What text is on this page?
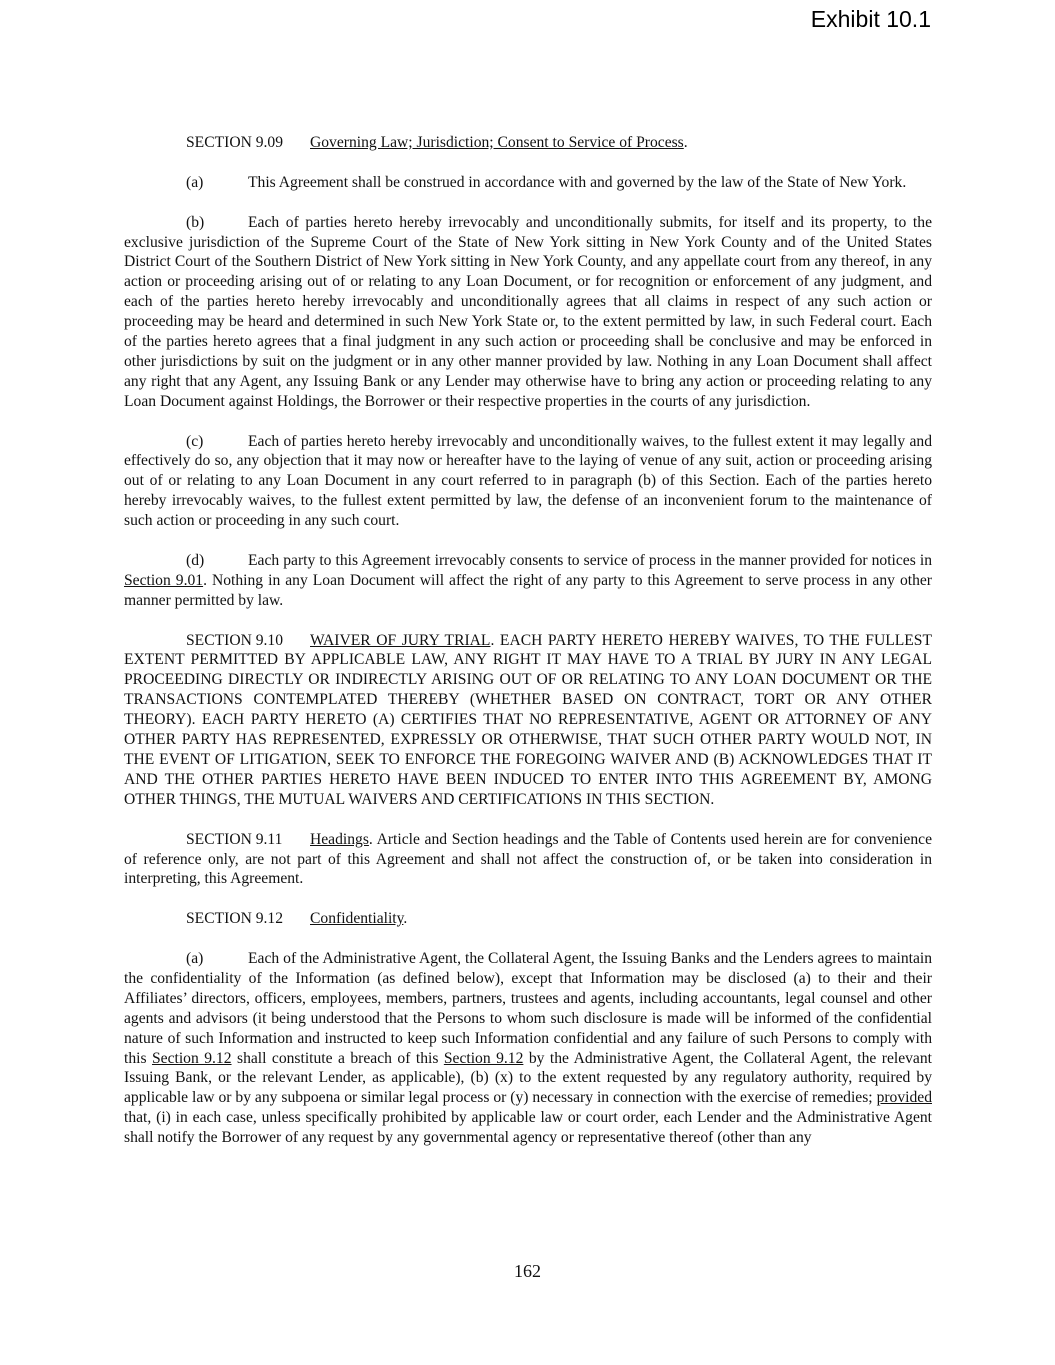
Exhibit 10.1

SECTION 9.09 Governing Law; Jurisdiction; Consent to Service of Process.

(a)	This Agreement shall be construed in accordance with and governed by the law of the State of New York.

(b)	Each of parties hereto hereby irrevocably and unconditionally submits, for itself and its property, to the exclusive jurisdiction of the Supreme Court of the State of New York sitting in New York County and of the United States District Court of the Southern District of New York sitting in New York County, and any appellate court from any thereof, in any action or proceeding arising out of or relating to any Loan Document, or for recognition or enforcement of any judgment, and each of the parties hereto hereby irrevocably and unconditionally agrees that all claims in respect of any such action or proceeding may be heard and determined in such New York State or, to the extent permitted by law, in such Federal court. Each of the parties hereto agrees that a final judgment in any such action or proceeding shall be conclusive and may be enforced in other jurisdictions by suit on the judgment or in any other manner provided by law. Nothing in any Loan Document shall affect any right that any Agent, any Issuing Bank or any Lender may otherwise have to bring any action or proceeding relating to any Loan Document against Holdings, the Borrower or their respective properties in the courts of any jurisdiction.

(c)	Each of parties hereto hereby irrevocably and unconditionally waives, to the fullest extent it may legally and effectively do so, any objection that it may now or hereafter have to the laying of venue of any suit, action or proceeding arising out of or relating to any Loan Document in any court referred to in paragraph (b) of this Section. Each of the parties hereto hereby irrevocably waives, to the fullest extent permitted by law, the defense of an inconvenient forum to the maintenance of such action or proceeding in any such court.

(d)	Each party to this Agreement irrevocably consents to service of process in the manner provided for notices in Section 9.01. Nothing in any Loan Document will affect the right of any party to this Agreement to serve process in any other manner permitted by law.

SECTION 9.10 WAIVER OF JURY TRIAL. EACH PARTY HERETO HEREBY WAIVES, TO THE FULLEST EXTENT PERMITTED BY APPLICABLE LAW, ANY RIGHT IT MAY HAVE TO A TRIAL BY JURY IN ANY LEGAL PROCEEDING DIRECTLY OR INDIRECTLY ARISING OUT OF OR RELATING TO ANY LOAN DOCUMENT OR THE TRANSACTIONS CONTEMPLATED THEREBY (WHETHER BASED ON CONTRACT, TORT OR ANY OTHER THEORY). EACH PARTY HERETO (A) CERTIFIES THAT NO REPRESENTATIVE, AGENT OR ATTORNEY OF ANY OTHER PARTY HAS REPRESENTED, EXPRESSLY OR OTHERWISE, THAT SUCH OTHER PARTY WOULD NOT, IN THE EVENT OF LITIGATION, SEEK TO ENFORCE THE FOREGOING WAIVER AND (B) ACKNOWLEDGES THAT IT AND THE OTHER PARTIES HERETO HAVE BEEN INDUCED TO ENTER INTO THIS AGREEMENT BY, AMONG OTHER THINGS, THE MUTUAL WAIVERS AND CERTIFICATIONS IN THIS SECTION.

SECTION 9.11 Headings. Article and Section headings and the Table of Contents used herein are for convenience of reference only, are not part of this Agreement and shall not affect the construction of, or be taken into consideration in interpreting, this Agreement.

SECTION 9.12 Confidentiality.

(a)	Each of the Administrative Agent, the Collateral Agent, the Issuing Banks and the Lenders agrees to maintain the confidentiality of the Information (as defined below), except that Information may be disclosed (a) to their and their Affiliates’ directors, officers, employees, members, partners, trustees and agents, including accountants, legal counsel and other agents and advisors (it being understood that the Persons to whom such disclosure is made will be informed of the confidential nature of such Information and instructed to keep such Information confidential and any failure of such Persons to comply with this Section 9.12 shall constitute a breach of this Section 9.12 by the Administrative Agent, the Collateral Agent, the relevant Issuing Bank, or the relevant Lender, as applicable), (b) (x) to the extent requested by any regulatory authority, required by applicable law or by any subpoena or similar legal process or (y) necessary in connection with the exercise of remedies; provided that, (i) in each case, unless specifically prohibited by applicable law or court order, each Lender and the Administrative Agent shall notify the Borrower of any request by any governmental agency or representative thereof (other than any

162
